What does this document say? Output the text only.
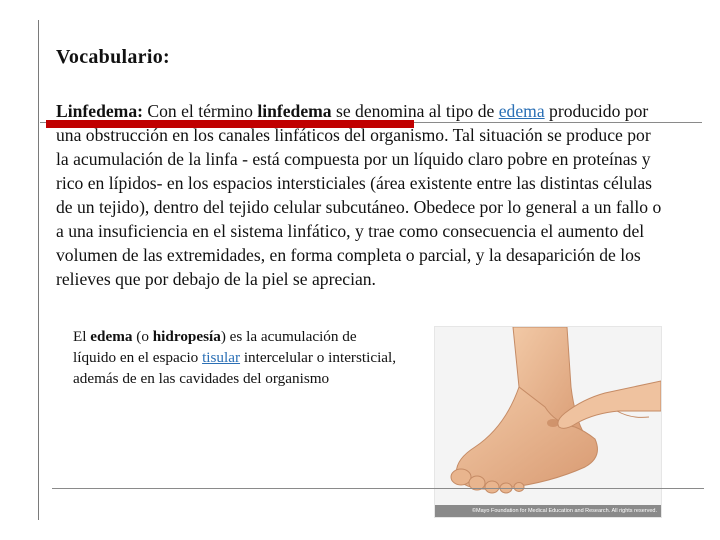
Vocabulario:

Linfedema: Con el término linfedema se denomina al tipo de edema producido por una obstrucción en los canales linfáticos del organismo. Tal situación se produce por la acumulación de la linfa - está compuesta por un líquido claro pobre en proteínas y rico en lípidos- en los espacios intersticiales (área existente entre las distintas células de un tejido), dentro del tejido celular subcutáneo. Obedece por lo general a un fallo o a una insuficiencia en el sistema linfático, y trae como consecuencia el aumento del volumen de las extremidades, en forma completa o parcial, y la desaparición de los relieves que por debajo de la piel se aprecian.

El edema (o hidropesía) es la acumulación de líquido en el espacio tisular intercelular o intersticial, además de en las cavidades del organismo

©Mayo Foundation for Medical Education and Research. All rights reserved.
